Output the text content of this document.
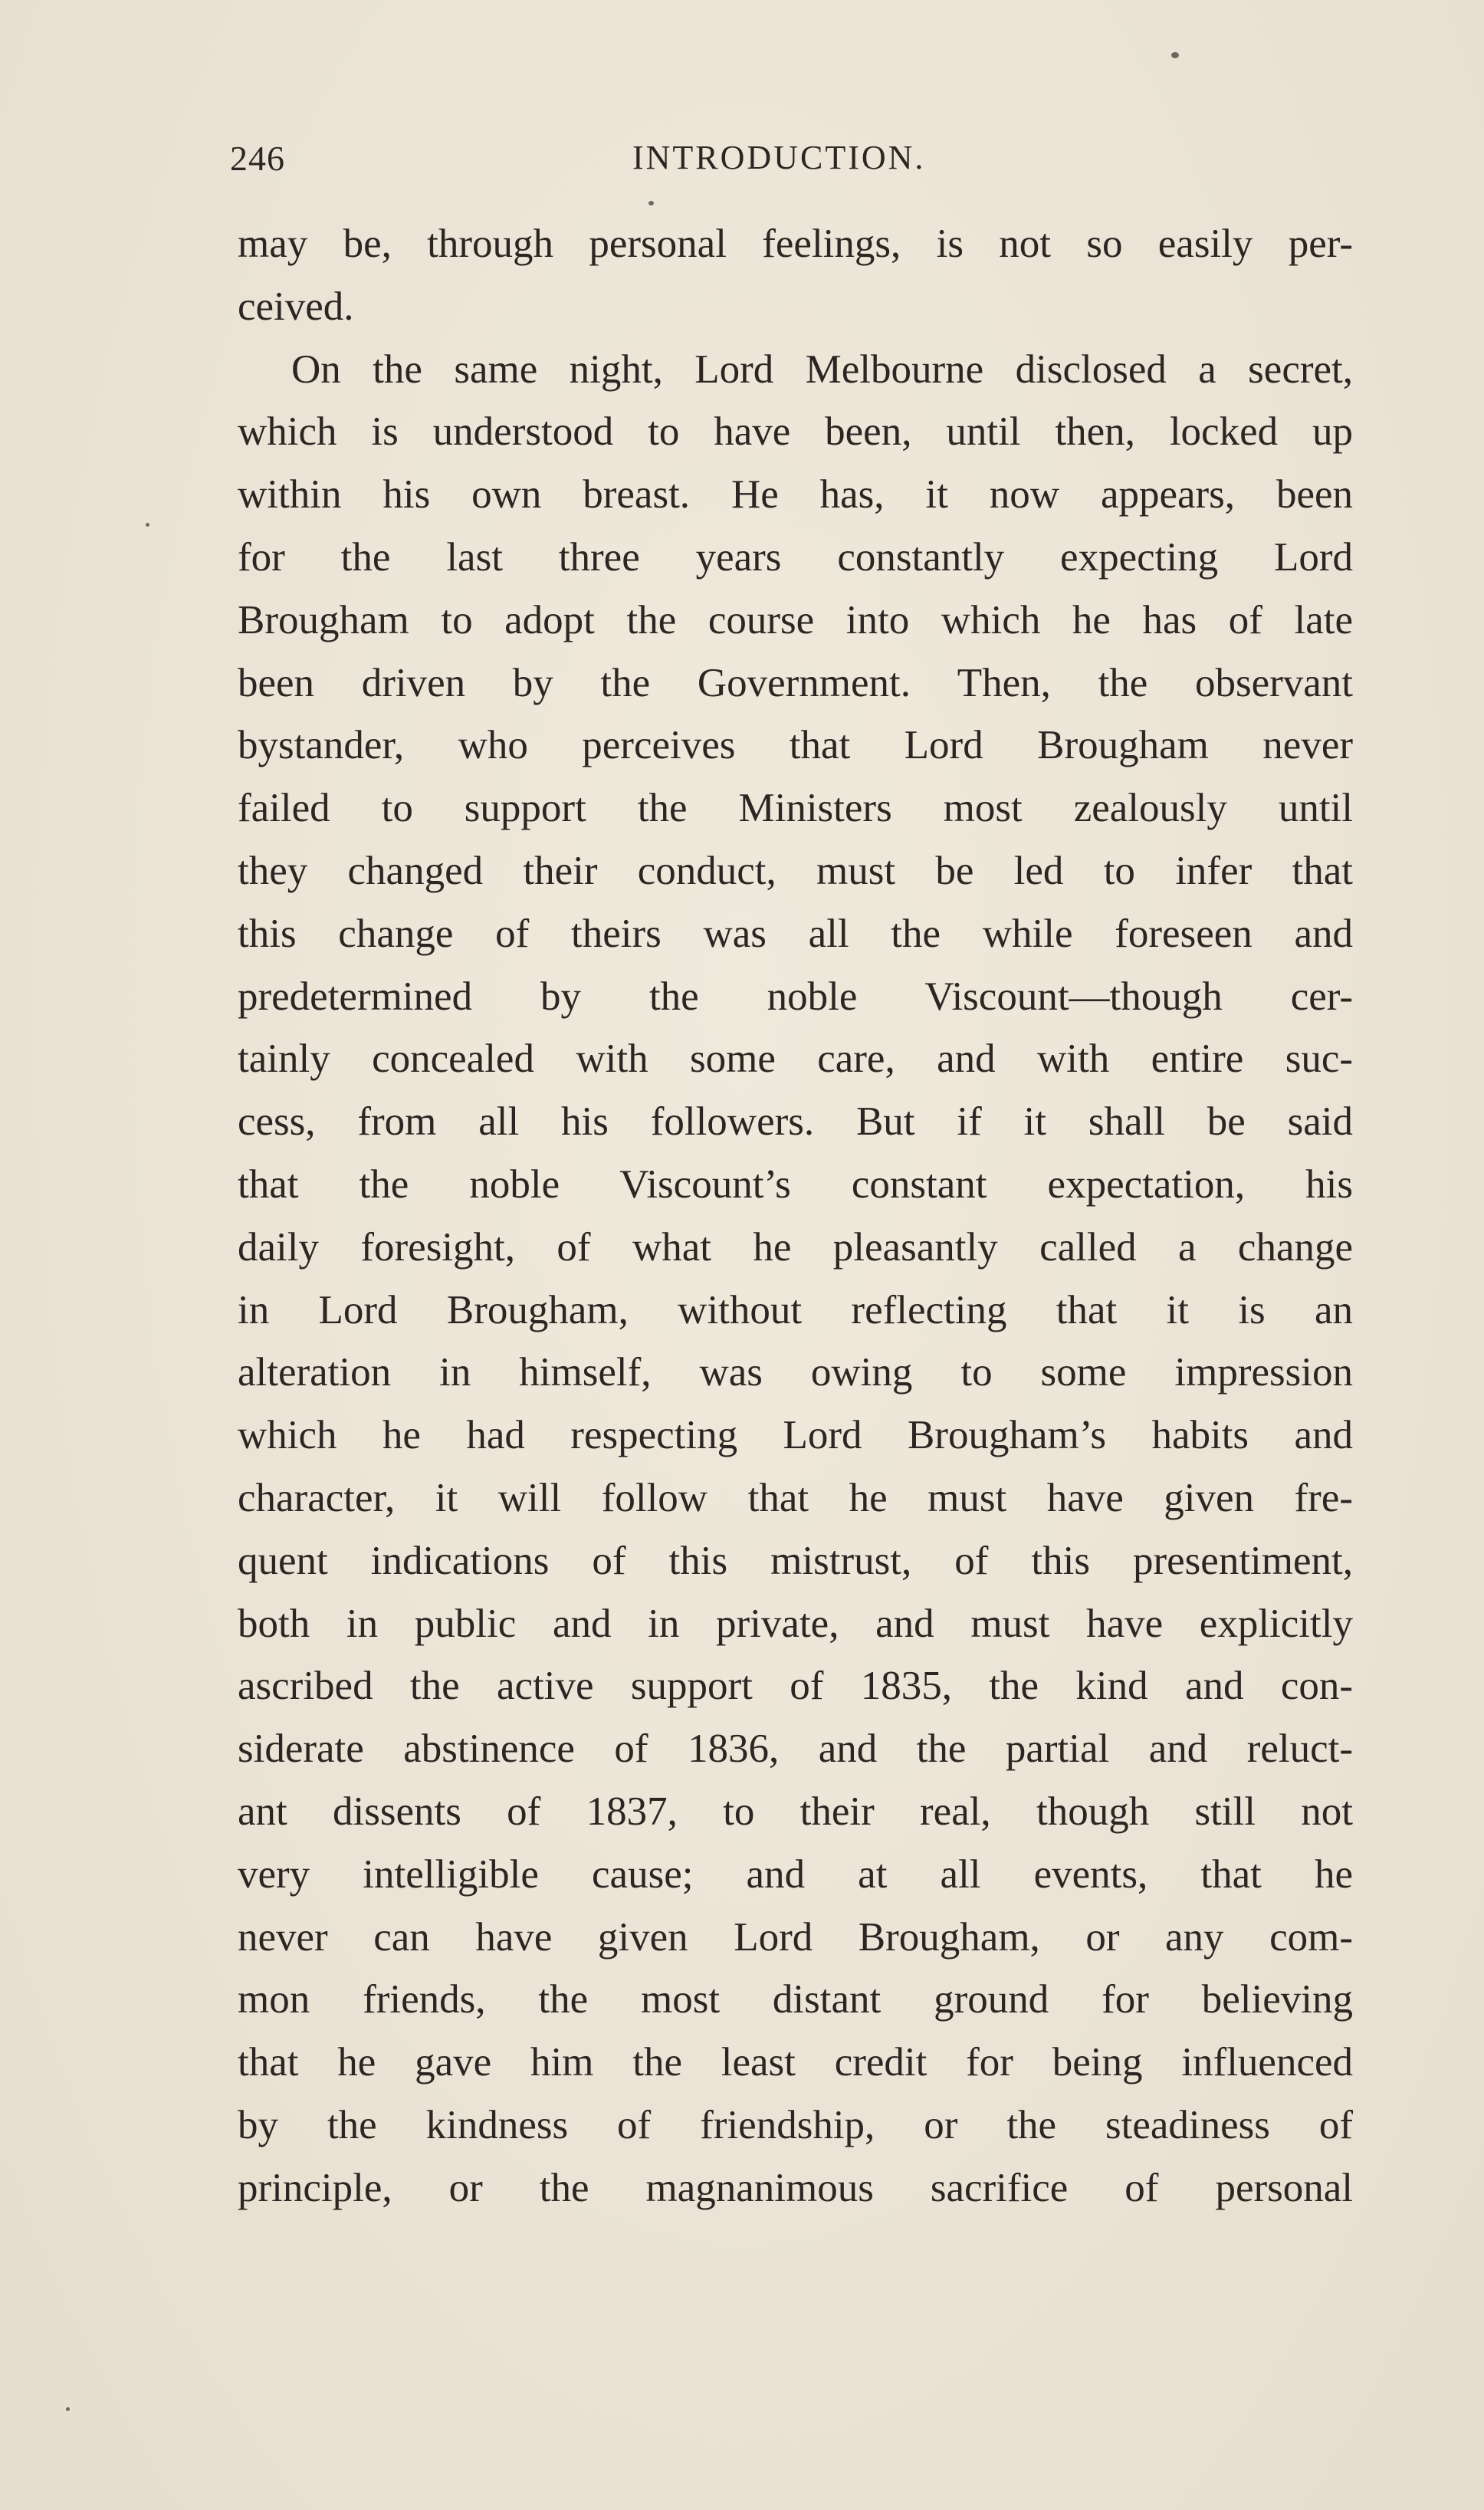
246	INTRODUCTION.
may be, through personal feelings, is not so easily per-
ceived.
On the same night, Lord Melbourne disclosed a secret,
which is understood to have been, until then, locked up
within his own breast. He has, it now appears, been
for the last three years constantly expecting Lord
Brougham to adopt the course into which he has of late
been driven by the Government. Then, the observant
bystander, who perceives that Lord Brougham never
failed to support the Ministers most zealously until
they changed their conduct, must be led to infer that
this change of theirs was all the while foreseen and
predetermined by the noble Viscount—though cer-
tainly concealed with some care, and with entire suc-
cess, from all his followers. But if it shall be said
that the noble Viscount’s constant expectation, his
daily foresight, of what he pleasantly called a change
in Lord Brougham, without reflecting that it is an
alteration in himself, was owing to some impression
which he had respecting Lord Brougham’s habits and
character, it will follow that he must have given fre-
quent indications of this mistrust, of this presentiment,
both in public and in private, and must have explicitly
ascribed the active support of 1835, the kind and con-
siderate abstinence of 1836, and the partial and reluct-
ant dissents of 1837, to their real, though still not
very intelligible cause; and at all events, that he
never can have given Lord Brougham, or any com-
mon friends, the most distant ground for believing
that he gave him the least credit for being influenced
by the kindness of friendship, or the steadiness of
principle, or the magnanimous sacrifice of personal
